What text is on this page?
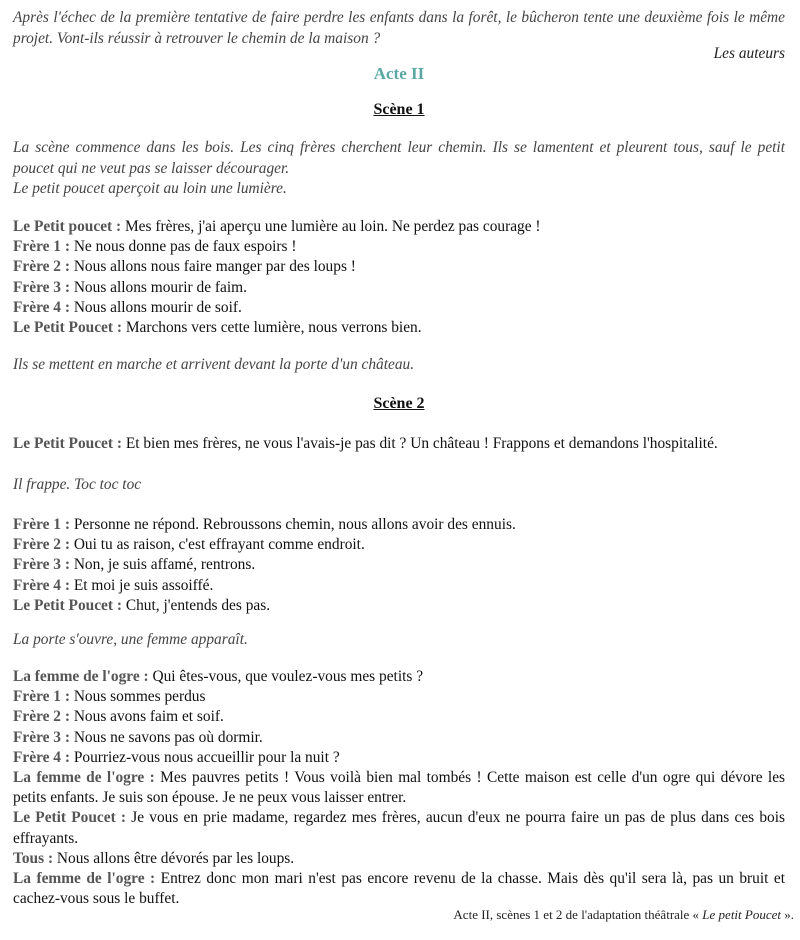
Après l'échec de la première tentative de faire perdre les enfants dans la forêt, le bûcheron tente une deuxième fois le même projet. Vont-ils réussir à retrouver le chemin de la maison ?
Les auteurs
Acte II
Scène 1
La scène commence dans les bois. Les cinq frères cherchent leur chemin. Ils se lamentent et pleurent tous, sauf le petit poucet qui ne veut pas se laisser décourager.
Le petit poucet aperçoit au loin une lumière.
Le Petit poucet : Mes frères, j'ai aperçu une lumière au loin. Ne perdez pas courage !
Frère 1 : Ne nous donne pas de faux espoirs !
Frère 2 : Nous allons nous faire manger par des loups !
Frère 3 : Nous allons mourir de faim.
Frère 4 : Nous allons mourir de soif.
Le Petit Poucet : Marchons vers cette lumière, nous verrons bien.
Ils se mettent en marche et arrivent devant la porte d'un château.
Scène 2
Le Petit Poucet : Et bien mes frères, ne vous l'avais-je pas dit ? Un château ! Frappons et demandons l'hospitalité.
Il frappe. Toc toc toc
Frère 1 : Personne ne répond. Rebroussons chemin, nous allons avoir des ennuis.
Frère 2 : Oui tu as raison, c'est effrayant comme endroit.
Frère 3 : Non, je suis affamé, rentrons.
Frère 4 : Et moi je suis assoiffé.
Le Petit Poucet : Chut, j'entends des pas.
La porte s'ouvre, une femme apparaît.
La femme de l'ogre : Qui êtes-vous, que voulez-vous mes petits ?
Frère 1 : Nous sommes perdus
Frère 2 : Nous avons faim et soif.
Frère 3 : Nous ne savons pas où dormir.
Frère 4 : Pourriez-vous nous accueillir pour la nuit ?
La femme de l'ogre : Mes pauvres petits ! Vous voilà bien mal tombés ! Cette maison est celle d'un ogre qui dévore les petits enfants. Je suis son épouse. Je ne peux vous laisser entrer.
Le Petit Poucet : Je vous en prie madame, regardez mes frères, aucun d'eux ne pourra faire un pas de plus dans ces bois effrayants.
Tous : Nous allons être dévorés par les loups.
La femme de l'ogre : Entrez donc mon mari n'est pas encore revenu de la chasse. Mais dès qu'il sera là, pas un bruit et cachez-vous sous le buffet.
Acte II, scènes 1 et 2 de l'adaptation théâtrale « Le petit Poucet ».
